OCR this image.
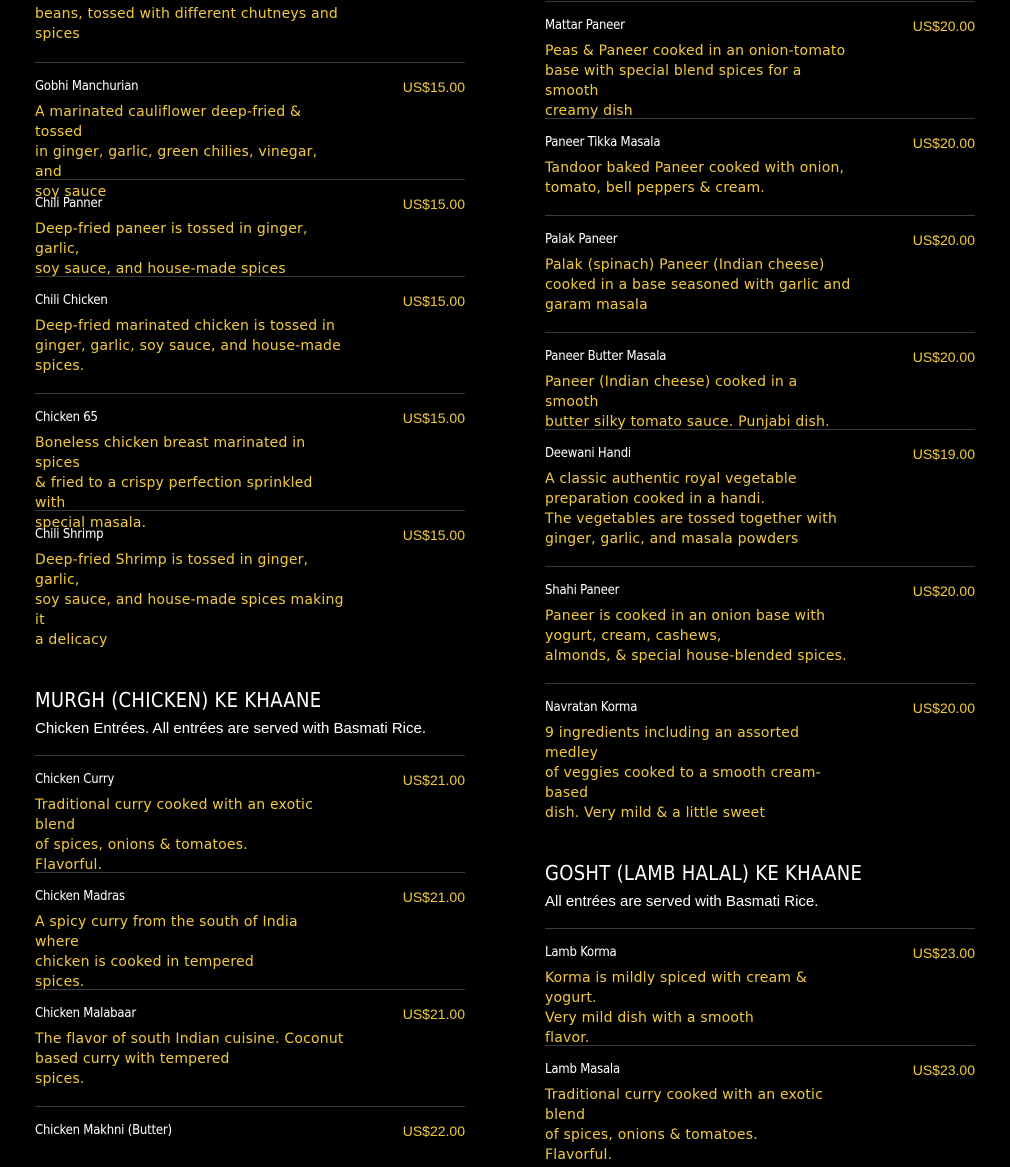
beans, tossed with different chutneys and
spices
US$15.00
Gobhi Manchurian
A marinated cauliflower deep-fried & tossed
in ginger, garlic, green chilies, vinegar, and
soy sauce
US$15.00
Chili Panner
Deep-fried paneer is tossed in ginger, garlic,
soy sauce, and house-made spices
US$15.00
Chili Chicken
Deep-fried marinated chicken is tossed in
ginger, garlic, soy sauce, and house-made
spices.
US$15.00
Chicken 65
Boneless chicken breast marinated in spices
& fried to a crispy perfection sprinkled with
special masala.
US$15.00
Chili Shrimp
Deep-fried Shrimp is tossed in ginger, garlic,
soy sauce, and house-made spices making it
a delicacy
MURGH (CHICKEN) KE KHAANE
Chicken Entrées. All entrées are served with Basmati Rice.
US$21.00
Chicken Curry
Traditional curry cooked with an exotic blend
of spices, onions & tomatoes.
Flavorful.
US$21.00
Chicken Madras
A spicy curry from the south of India where
chicken is cooked in tempered
spices.
US$21.00
Chicken Malabaar
The flavor of south Indian cuisine. Coconut
based curry with tempered
spices.
US$22.00
Chicken Makhni (Butter)
US$20.00
Mattar Paneer
Peas & Paneer cooked in an onion-tomato
base with special blend spices for a smooth
creamy dish
US$20.00
Paneer Tikka Masala
Tandoor baked Paneer cooked with onion,
tomato, bell peppers & cream.
US$20.00
Palak Paneer
Palak (spinach) Paneer (Indian cheese)
cooked in a base seasoned with garlic and
garam masala
US$20.00
Paneer Butter Masala
Paneer (Indian cheese) cooked in a smooth
butter silky tomato sauce. Punjabi dish.
US$19.00
Deewani Handi
A classic authentic royal vegetable
preparation cooked in a handi.
The vegetables are tossed together with
ginger, garlic, and masala powders
US$20.00
Shahi Paneer
Paneer is cooked in an onion base with
yogurt, cream, cashews,
almonds, & special house-blended spices.
US$20.00
Navratan Korma
9 ingredients including an assorted medley
of veggies cooked to a smooth cream-based
dish. Very mild & a little sweet
GOSHT (LAMB HALAL) KE KHAANE
All entrées are served with Basmati Rice.
US$23.00
Lamb Korma
Korma is mildly spiced with cream & yogurt.
Very mild dish with a smooth
flavor.
US$23.00
Lamb Masala
Traditional curry cooked with an exotic blend
of spices, onions & tomatoes.
Flavorful.
